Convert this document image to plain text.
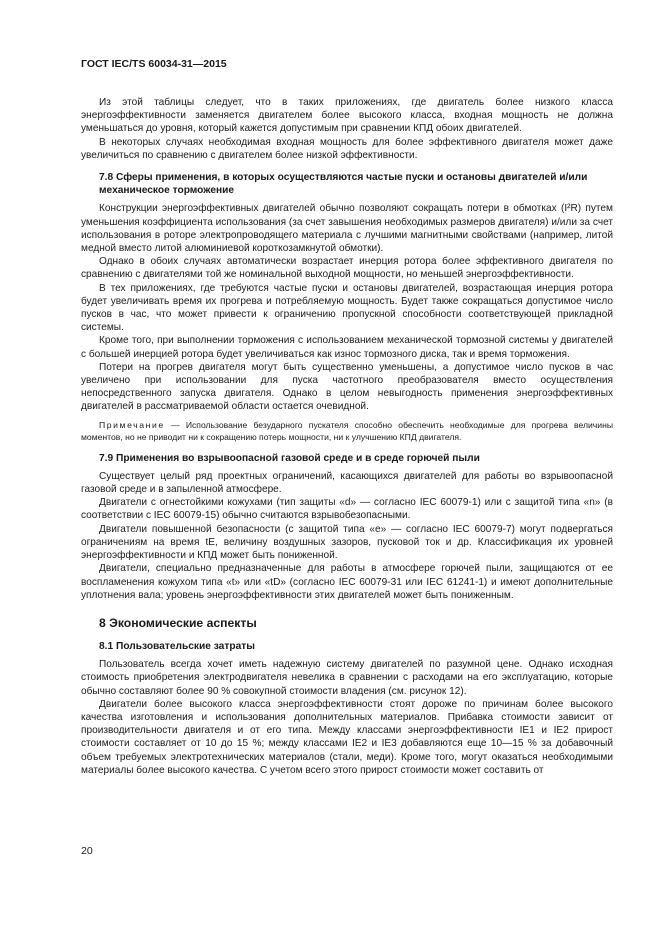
ГОСТ IEC/TS 60034-31—2015

Из этой таблицы следует, что в таких приложениях, где двигатель более низкого класса энергоэффективности заменяется двигателем более высокого класса, входная мощность не должна уменьшаться до уровня, который кажется допустимым при сравнении КПД обоих двигателей.

В некоторых случаях необходимая входная мощность для более эффективного двигателя может даже увеличиться по сравнению с двигателем более низкой эффективности.

7.8 Сферы применения, в которых осуществляются частые пуски и остановы двигателей и/или механическое торможение

Конструкции энергоэффективных двигателей обычно позволяют сокращать потери в обмотках (I²R) путем уменьшения коэффициента использования (за счет завышения необходимых размеров двигателя) и/или за счет использования в роторе электропроводящего материала с лучшими магнитными свойствами (например, литой медной вместо литой алюминиевой короткозамкнутой обмотки).

Однако в обоих случаях автоматически возрастает инерция ротора более эффективного двигателя по сравнению с двигателями той же номинальной выходной мощности, но меньшей энергоэффективности.

В тех приложениях, где требуются частые пуски и остановы двигателей, возрастающая инерция ротора будет увеличивать время их прогрева и потребляемую мощность. Будет также сокращаться допустимое число пусков в час, что может привести к ограничению пропускной способности соответствующей прикладной системы.

Кроме того, при выполнении торможения с использованием механической тормозной системы у двигателей с большей инерцией ротора будет увеличиваться как износ тормозного диска, так и время торможения.

Потери на прогрев двигателя могут быть существенно уменьшены, а допустимое число пусков в час увеличено при использовании для пуска частотного преобразователя вместо осуществления непосредственного запуска двигателя. Однако в целом невыгодность применения энергоэффективных двигателей в рассматриваемой области остается очевидной.

Примечание — Использование безударного пускателя способно обеспечить необходимые для прогрева величины моментов, но не приводит ни к сокращению потерь мощности, ни к улучшению КПД двигателя.

7.9 Применения во взрывоопасной газовой среде и в среде горючей пыли

Существует целый ряд проектных ограничений, касающихся двигателей для работы во взрывоопасной газовой среде и в запыленной атмосфере.

Двигатели с огнестойкими кожухами (тип защиты «d» — согласно IEC 60079-1) или с защитой типа «n» (в соответствии с IEC 60079-15) обычно считаются взрывобезопасными.

Двигатели повышенной безопасности (с защитой типа «е» — согласно IEC 60079-7) могут подвергаться ограничениям на время tE, величину воздушных зазоров, пусковой ток и др. Классификация их уровней энергоэффективности и КПД может быть пониженной.

Двигатели, специально предназначенные для работы в атмосфере горючей пыли, защищаются от ее воспламенения кожухом типа «t» или «tD» (согласно IEC 60079-31 или IEC 61241-1) и имеют дополнительные уплотнения вала; уровень энергоэффективности этих двигателей может быть пониженным.

8 Экономические аспекты
8.1 Пользовательские затраты

Пользователь всегда хочет иметь надежную систему двигателей по разумной цене. Однако исходная стоимость приобретения электродвигателя невелика в сравнении с расходами на его эксплуатацию, которые обычно составляют более 90 % совокупной стоимости владения (см. рисунок 12).

Двигатели более высокого класса энергоэффективности стоят дороже по причинам более высокого качества изготовления и использования дополнительных материалов. Прибавка стоимости зависит от производительности двигателя и от его типа. Между классами энергоэффективности IE1 и IE2 прирост стоимости составляет от 10 до 15 %; между классами IE2 и IE3 добавляются еще 10—15 % за добавочный объем требуемых электротехнических материалов (стали, меди). Кроме того, могут оказаться необходимыми материалы более высокого качества. С учетом всего этого прирост стоимости может составить от

20
